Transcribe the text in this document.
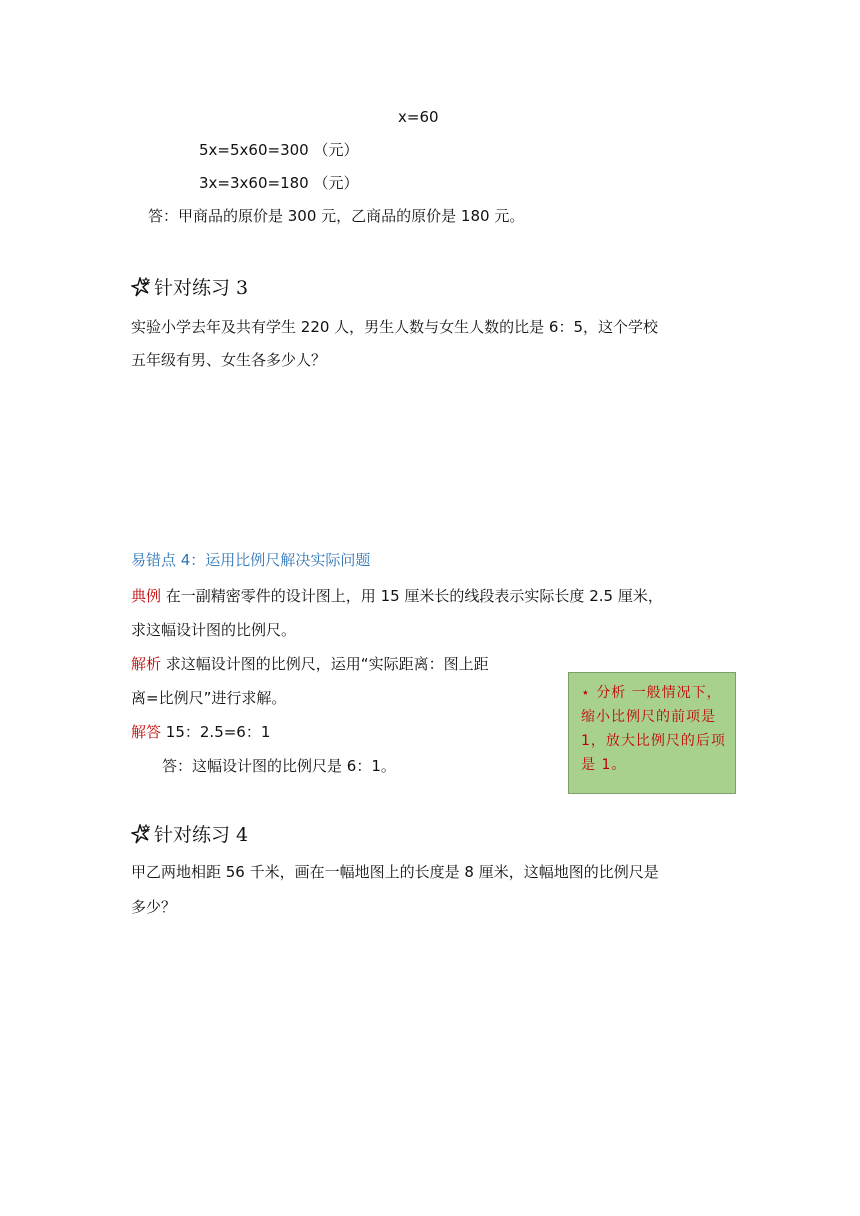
x=60
5x=5x60=300 （元）
3x=3x60=180 （元）
答：甲商品的原价是 300 元，乙商品的原价是 180 元。
针对练习 3
实验小学去年及共有学生 220 人，男生人数与女生人数的比是 6：5，这个学校
五年级有男、女生各多少人？
易错点 4：运用比例尺解决实际问题
典例 在一副精密零件的设计图上，用 15 厘米长的线段表示实际长度 2.5 厘米，
求这幅设计图的比例尺。
解析 求这幅设计图的比例尺，运用“实际距离：图上距
离=比例尺”进行求解。
解答 15：2.5=6：1
答：这幅设计图的比例尺是 6：1。
⋆ 分析 一般情况下，缩小比例尺的前项是 1，放大比例尺的后项是 1。
针对练习 4
甲乙两地相距 56 千米，画在一幅地图上的长度是 8 厘米，这幅地图的比例尺是
多少？
